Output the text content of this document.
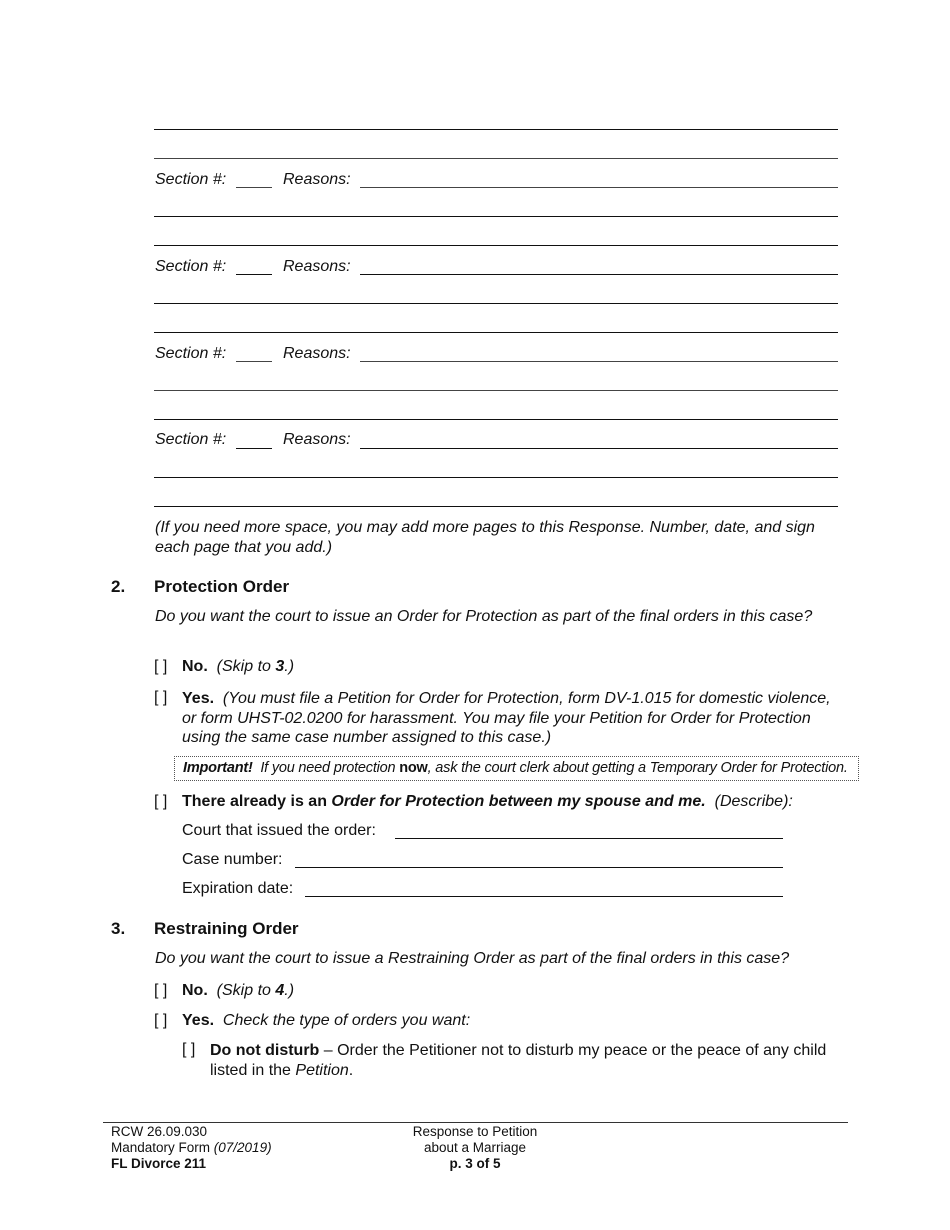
Section #:	Reasons:
Section #:	Reasons:
Section #:	Reasons:
Section #:	Reasons:
(If you need more space, you may add more pages to this Response. Number, date, and sign each page that you add.)
2. Protection Order
Do you want the court to issue an Order for Protection as part of the final orders in this case?
[ ] No. (Skip to 3.)
[ ] Yes. (You must file a Petition for Order for Protection, form DV-1.015 for domestic violence, or form UHST-02.0200 for harassment. You may file your Petition for Order for Protection using the same case number assigned to this case.)
Important!  If you need protection now, ask the court clerk about getting a Temporary Order for Protection.
[ ] There already is an Order for Protection between my spouse and me. (Describe):
Court that issued the order:
Case number:
Expiration date:
3. Restraining Order
Do you want the court to issue a Restraining Order as part of the final orders in this case?
[ ] No. (Skip to 4.)
[ ] Yes. Check the type of orders you want:
[ ] Do not disturb – Order the Petitioner not to disturb my peace or the peace of any child listed in the Petition.
RCW 26.09.030
Mandatory Form (07/2019)
FL Divorce 211
Response to Petition
about a Marriage
p. 3 of 5
